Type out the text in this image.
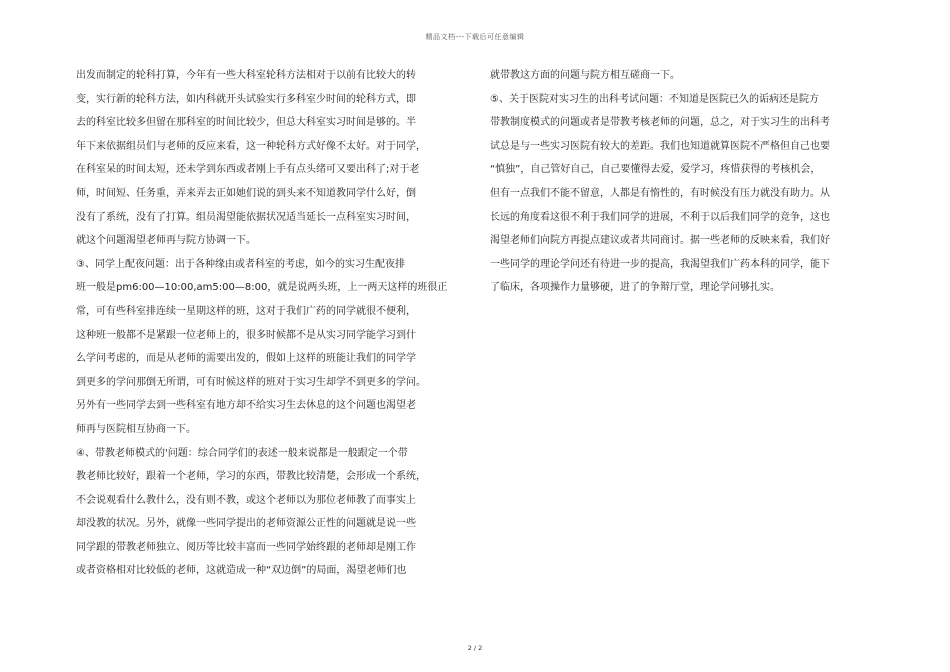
精品文档---下载后可任意编辑
出发而制定的轮科打算，今年有一些大科室轮科方法相对于以前有比较大的转
变，实行新的轮科方法，如内科就开头试验实行多科室少时间的轮科方式，即
去的科室比较多但留在那科室的时间比较少，但总大科室实习时间是够的。半
年下来依据组员们与老师的反应来看，这一种轮科方式好像不太好。对于同学，
在科室呆的时间太短，还未学到东西或者刚上手有点头绪可又要出科了;对于老
师，时间短、任务重，弄来弄去正如她们说的到头来不知道教同学什么好，倒
没有了系统，没有了打算。组员渴望能依据状况适当延长一点科室实习时间，
就这个问题渴望老师再与院方协调一下。
③、同学上配夜问题：出于各种缘由或者科室的考虑，如今的实习生配夜排
班一般是pm6:00—10:00,am5:00—8:00，就是说两头班，上一两天这样的班很正
常，可有些科室排连续一星期这样的班，这对于我们广药的同学就很不便利，
这种班一般都不是紧跟一位老师上的，很多时候都不是从实习同学能学习到什
么学问考虑的，而是从老师的需要出发的，假如上这样的班能让我们的同学学
到更多的学问那倒无所谓，可有时候这样的班对于实习生却学不到更多的学问。
另外有一些同学去到一些科室有地方却不给实习生去休息的这个问题也渴望老
师再与医院相互协商一下。
④、带教老师模式的'问题：综合同学们的表述一般来说都是一般跟定一个带
教老师比较好，跟着一个老师，学习的东西，带教比较清楚，会形成一个系统，
不会说观看什么教什么，没有则不教，或这个老师以为那位老师教了而事实上
却没教的状况。另外，就像一些同学提出的老师资源公正性的问题就是说一些
同学跟的带教老师独立、阅历等比较丰富而一些同学始终跟的老师却是刚工作
或者资格相对比较低的老师，这就造成一种“双边倒”的局面，渴望老师们也
就带教这方面的问题与院方相互磋商一下。
⑤、关于医院对实习生的出科考试问题：不知道是医院已久的诟病还是院方
带教制度模式的问题或者是带教考核老师的问题，总之，对于实习生的出科考
试总是与一些实习医院有较大的差距。我们也知道就算医院不严格但自己也要
“慎独”，自己管好自己，自己要懂得去爱，爱学习，疼惜获得的考核机会，
但有一点我们不能不留意，人都是有惰性的，有时候没有压力就没有助力。从
长远的角度看这很不利于我们同学的进展，不利于以后我们同学的竞争，这也
渴望老师们向院方再提点建议或者共同商讨。据一些老师的反映来看，我们好
一些同学的理论学问还有待进一步的提高，我渴望我们广药本科的同学，能下
了临床，各项操作力量够硬，进了的争辩厅堂，理论学问够扎实。
2 / 2
